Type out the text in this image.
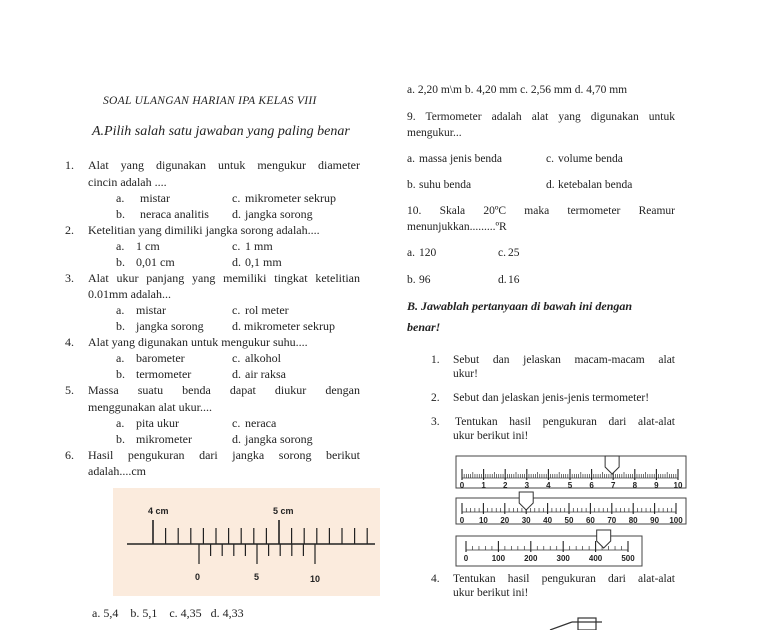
SOAL ULANGAN HARIAN IPA KELAS VIII
A.Pilih salah satu jawaban yang paling benar
1. Alat yang digunakan untuk mengukur diameter
cincin adalah ....
a. mistar	c. mikrometer sekrup
b. neraca analitis d. jangka sorong
2. Ketelitian yang dimiliki jangka sorong adalah....
a. 1 cm	c. 1 mm
b. 0,01 cm	d. 0,1 mm
3. Alat ukur panjang yang memiliki tingkat ketelitian
0.01mm adalah...
a. mistar	c. rol meter
b. jangka sorong d. mikrometer sekrup
4. Alat yang digunakan untuk mengukur suhu....
a. barometer	c. alkohol
b. termometer	d. air raksa
5. Massa suatu benda dapat diukur dengan
menggunakan alat ukur....
a. pita ukur	c. neraca
b. mikrometer	d. jangka sorong
6. Hasil pengukuran dari jangka sorong berikut
adalah....cm
4 cm	5 cm
0	5	10
a. 5,4    b. 5,1    c. 4,35   d. 4,33
a. 2,20 m\m b. 4,20 mm c. 2,56 mm d. 4,70 mm
9. Termometer adalah alat yang digunakan untuk
mengukur...
a. massa jenis benda	c. volume benda
b. suhu benda	d. ketebalan benda
10. Skala 20ºC maka termometer Reamur
menunjukkan.........ºR
a. 120	c. 25
b. 96	d. 16
B. Jawablah pertanyaan di bawah ini dengan
benar!
1. Sebut dan jelaskan macam-macam alat
ukur!
2. Sebut dan jelaskan jenis-jenis termometer!
3. Tentukan hasil pengukuran dari alat-alat
ukur berikut ini!
0 1 2 3 4 5 6 7 8 9 10
0 10 20 30 40 50 60 70 80 90 100
0	100 200 300 400 500
4. Tentukan hasil pengukuran dari alat-alat
ukur berikut ini!
